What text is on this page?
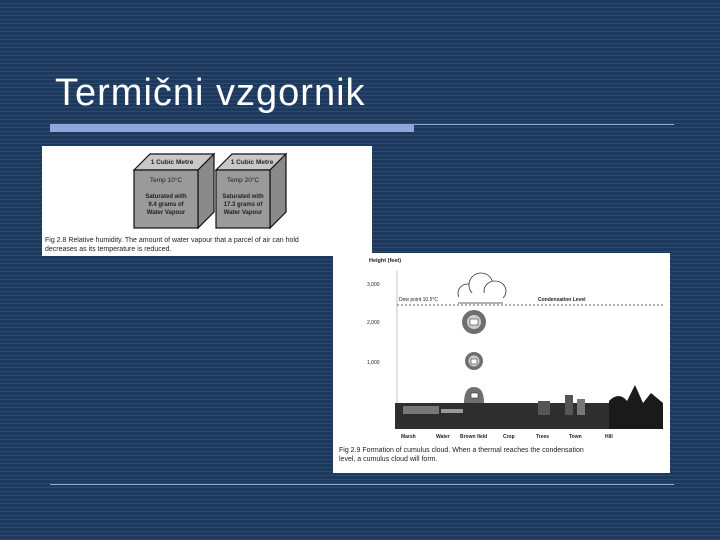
Termični vzgornik
1 Cubic Metre
Temp 10°C
Saturated with
9.4 grams of
Water Vapour
1 Cubic Metre
Temp 20°C
Saturated with
17.3 grams of
Water Vapour
Fig 2.8 Relative humidity. The amount of water vapour that a parcel of air can hold
decreases as its temperature is reduced.
Height (feet)
3,000
2,000
1,000
Dew point 10.5°C	Condensation Level
Marsh	Water Brown field	Crop	Trees	Town	Hill
Fig 2.9 Formation of cumulus cloud. When a thermal reaches the condensation
level, a cumulus cloud will form.
